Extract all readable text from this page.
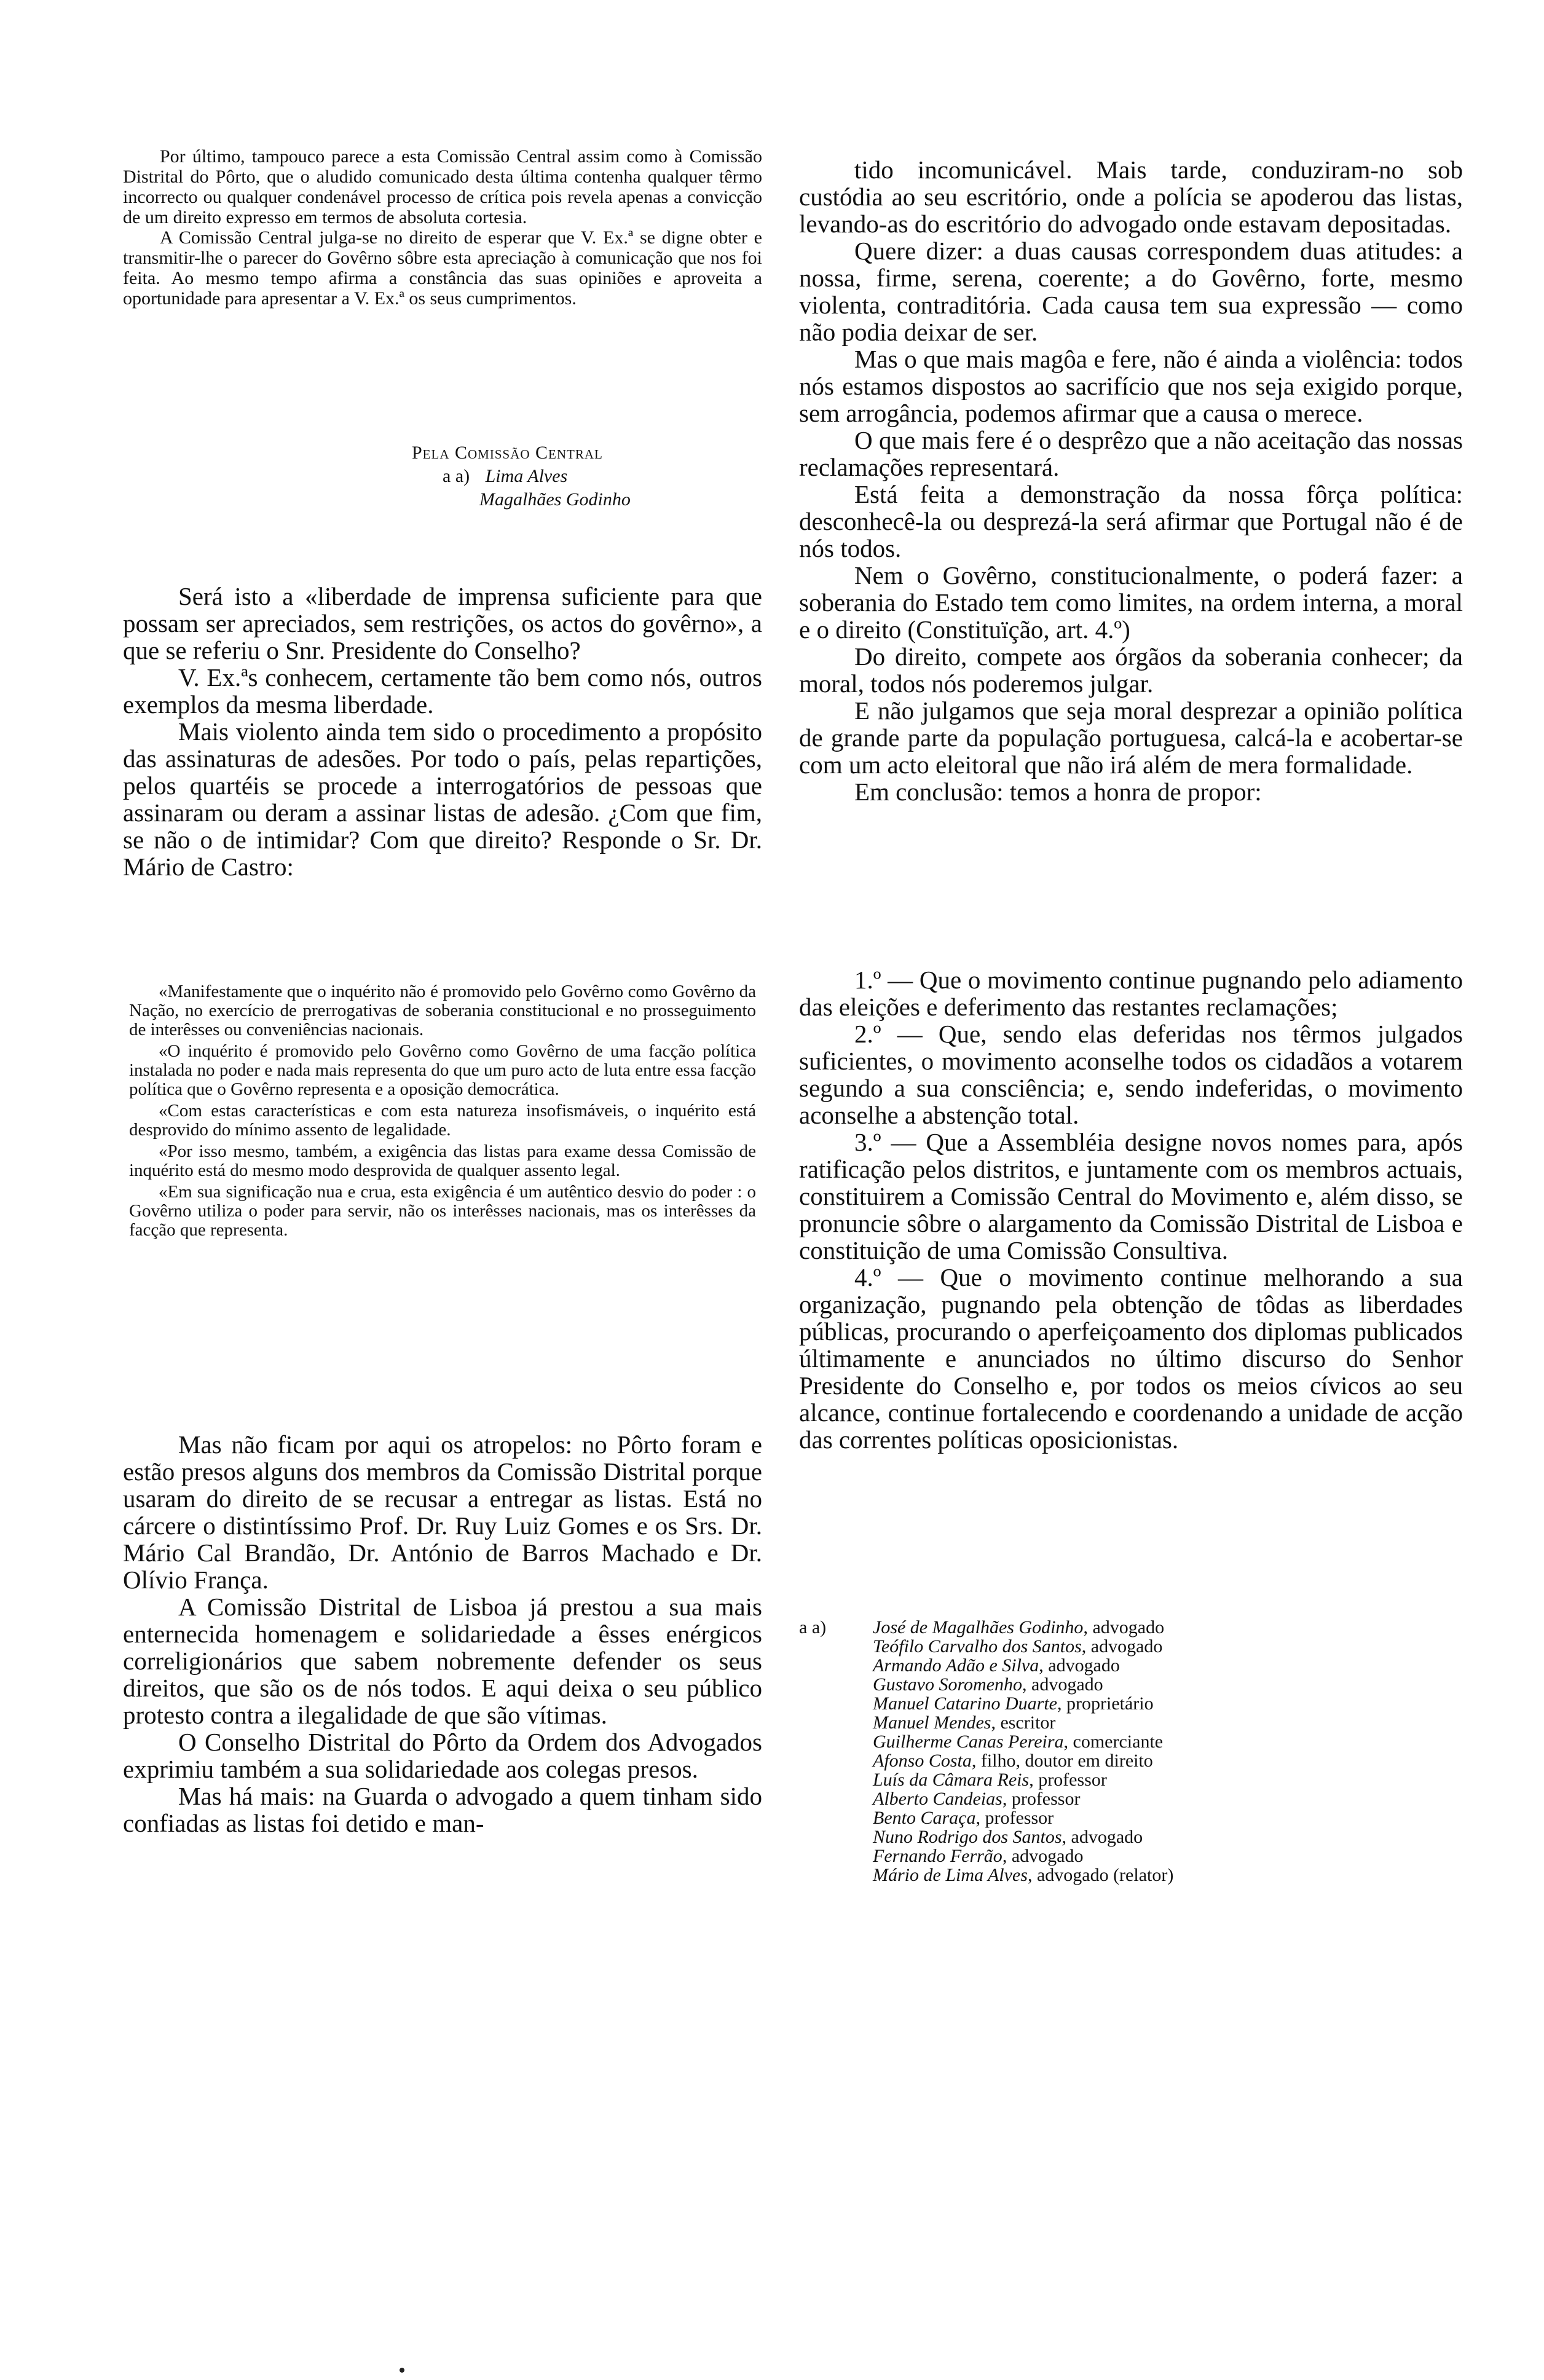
Por último, tampouco parece a esta Comissão Central assim como à Comissão Distrital do Pôrto, que o aludido comunicado desta última contenha qualquer têrmo incorrecto ou qualquer condenável processo de crítica pois revela apenas a convicção de um direito expresso em termos de absoluta cortesia.

A Comissão Central julga-se no direito de esperar que V. Ex.ª se digne obter e transmitir-lhe o parecer do Govêrno sôbre esta apreciação à comunicação que nos foi feita. Ao mesmo tempo afirma a constância das suas opiniões e aproveita a oportunidade para apresentar a V. Ex.ª os seus cumprimentos.

Pela Comissão Central
a a) Lima Alves
Magalhães Godinho

Será isto a «liberdade de imprensa suficiente para que possam ser apreciados, sem restrições, os actos do govêrno», a que se referiu o Snr. Presidente do Conselho?

V. Ex.ªs conhecem, certamente tão bem como nós, outros exemplos da mesma liberdade.

Mais violento ainda tem sido o procedimento a propósito das assinaturas de adesões. Por todo o país, pelas repartições, pelos quartéis se procede a interrogatórios de pessoas que assinaram ou deram a assinar listas de adesão. ¿Com que fim, se não o de intimidar? Com que direito? Responde o Sr. Dr. Mário de Castro:

«Manifestamente que o inquérito não é promovido pelo Govêrno como Govêrno da Nação, no exercício de prerrogativas de soberania constitucional e no prosseguimento de interêsses ou conveniências nacionais.

«O inquérito é promovido pelo Govêrno como Govêrno de uma facção política instalada no poder e nada mais representa do que um puro acto de luta entre essa facção política que o Govêrno representa e a oposição democrática.

«Com estas características e com esta natureza insofismáveis, o inquérito está desprovido do mínimo assento de legalidade.

«Por isso mesmo, também, a exigência das listas para exame dessa Comissão de inquérito está do mesmo modo desprovida de qualquer assento legal.

«Em sua significação nua e crua, esta exigência é um autêntico desvio do poder : o Govêrno utiliza o poder para servir, não os interêsses nacionais, mas os interêsses da facção que representa.

Mas não ficam por aqui os atropelos: no Pôrto foram e estão presos alguns dos membros da Comissão Distrital porque usaram do direito de se recusar a entregar as listas. Está no cárcere o distintíssimo Prof. Dr. Ruy Luiz Gomes e os Srs. Dr. Mário Cal Brandão, Dr. António de Barros Machado e Dr. Olívio França.

A Comissão Distrital de Lisboa já prestou a sua mais enternecida homenagem e solidariedade a êsses enérgicos correligionários que sabem nobremente defender os seus direitos, que são os de nós todos. E aqui deixa o seu público protesto contra a ilegalidade de que são vítimas.

O Conselho Distrital do Pôrto da Ordem dos Advogados exprimiu também a sua solidariedade aos colegas presos.

Mas há mais: na Guarda o advogado a quem tinham sido confiadas as listas foi detido e man-

tido incomunicável. Mais tarde, conduziram-no sob custódia ao seu escritório, onde a polícia se apoderou das listas, levando-as do escritório do advogado onde estavam depositadas.

Quere dizer: a duas causas correspondem duas atitudes: a nossa, firme, serena, coerente; a do Govêrno, forte, mesmo violenta, contraditória. Cada causa tem sua expressão — como não podia deixar de ser.

Mas o que mais magôa e fere, não é ainda a violência: todos nós estamos dispostos ao sacrifício que nos seja exigido porque, sem arrogância, podemos afirmar que a causa o merece.

O que mais fere é o desprêzo que a não aceitação das nossas reclamações representará.

Está feita a demonstração da nossa fôrça política: desconhecê-la ou desprezá-la será afirmar que Portugal não é de nós todos.

Nem o Govêrno, constitucionalmente, o poderá fazer: a soberania do Estado tem como limites, na ordem interna, a moral e o direito (Constituïção, art. 4.º)

Do direito, compete aos órgãos da soberania conhecer; da moral, todos nós poderemos julgar.

E não julgamos que seja moral desprezar a opinião política de grande parte da população portuguesa, calcá-la e acobertar-se com um acto eleitoral que não irá além de mera formalidade.

Em conclusão: temos a honra de propor:

1.º — Que o movimento continue pugnando pelo adiamento das eleições e deferimento das restantes reclamações;

2.º — Que, sendo elas deferidas nos têrmos julgados suficientes, o movimento aconselhe todos os cidadãos a votarem segundo a sua consciência; e, sendo indeferidas, o movimento aconselhe a abstenção total.

3.º — Que a Assembléia designe novos nomes para, após ratificação pelos distritos, e juntamente com os membros actuais, constituirem a Comissão Central do Movimento e, além disso, se pronuncie sôbre o alargamento da Comissão Distrital de Lisboa e constituição de uma Comissão Consultiva.

4.º — Que o movimento continue melhorando a sua organização, pugnando pela obtenção de tôdas as liberdades públicas, procurando o aperfeiçoamento dos diplomas publicados últimamente e anunciados no último discurso do Senhor Presidente do Conselho e, por todos os meios cívicos ao seu alcance, continue fortalecendo e coordenando a unidade de acção das correntes políticas oposicionistas.

a a)	José de Magalhães Godinho, advogado
Teófilo Carvalho dos Santos, advogado
Armando Adão e Silva, advogado
Gustavo Soromenho, advogado
Manuel Catarino Duarte, proprietário
Manuel Mendes, escritor
Guilherme Canas Pereira, comerciante
Afonso Costa, filho, doutor em direito
Luís da Câmara Reis, professor
Alberto Candeias, professor
Bento Caraça, professor
Nuno Rodrigo dos Santos, advogado
Fernando Ferrão, advogado
Mário de Lima Alves, advogado (relator)
